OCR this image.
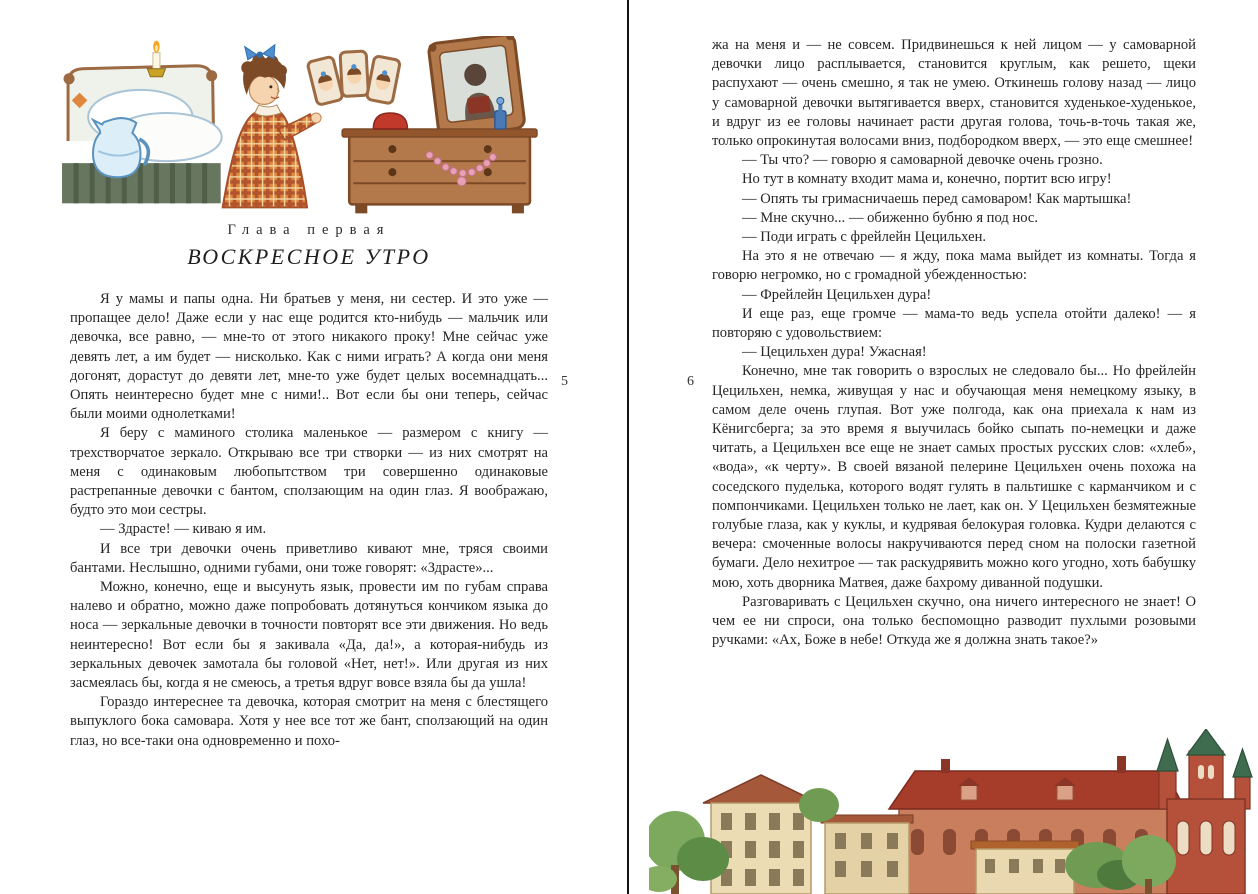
Глава первая
ВОСКРЕСНОЕ УТРО

Я у мамы и папы одна. Ни братьев у меня, ни сестер. И это уже — пропащее дело! Даже если у нас еще родится кто-нибудь — мальчик или девочка, все равно, — мне-то от этого никакого проку! Мне сейчас уже девять лет, а им будет — нисколько. Как с ними играть? А когда они меня догонят, дорастут до девяти лет, мне-то уже будет целых восемнадцать... Опять неинтересно будет мне с ними!.. Вот если бы они теперь, сейчас были моими однолетками!

Я беру с маминого столика маленькое — размером с книгу — трехстворчатое зеркало. Открываю все три створки — из них смотрят на меня с одинаковым любопытством три совершенно одинаковые растрепанные девочки с бантом, сползающим на один глаз. Я воображаю, будто это мои сестры.

— Здрасте! — киваю я им.

И все три девочки очень приветливо кивают мне, тряся своими бантами. Неслышно, одними губами, они тоже говорят: «Здрасте»...

Можно, конечно, еще и высунуть язык, провести им по губам справа налево и обратно, можно даже попробовать дотянуться кончиком языка до носа — зеркальные девочки в точности повторят все эти движения. Но ведь неинтересно! Вот если бы я закивала «Да, да!», а которая-нибудь из зеркальных девочек замотала бы головой «Нет, нет!». Или другая из них засмеялась бы, когда я не смеюсь, а третья вдруг вовсе взяла бы да ушла!

Гораздо интереснее та девочка, которая смотрит на меня с блестящего выпуклого бока самовара. Хотя у нее все тот же бант, сползающий на один глаз, но все-таки она одновременно и похо-

5

жа на меня и — не совсем. Придвинешься к ней лицом — у самоварной девочки лицо расплывается, становится круглым, как решето, щеки распухают — очень смешно, я так не умею. Откинешь голову назад — лицо у самоварной девочки вытягивается вверх, становится худенькое-худенькое, и вдруг из ее головы начинает расти другая голова, точь-в-точь такая же, только опрокинутая волосами вниз, подбородком вверх, — это еще смешнее!

— Ты что? — говорю я самоварной девочке очень грозно.

Но тут в комнату входит мама и, конечно, портит всю игру!

— Опять ты гримасничаешь перед самоваром! Как мартышка!

— Мне скучно... — обиженно бубню я под нос.

— Поди играть с фрейлейн Цецильхен.

На это я не отвечаю — я жду, пока мама выйдет из комнаты. Тогда я говорю негромко, но с громадной убежденностью:

— Фрейлейн Цецильхен дура!

И еще раз, еще громче — мама-то ведь успела отойти далеко! — я повторяю с удовольствием:

— Цецильхен дура! Ужасная!

Конечно, мне так говорить о взрослых не следовало бы... Но фрейлейн Цецильхен, немка, живущая у нас и обучающая меня немецкому языку, в самом деле очень глупая. Вот уже полгода, как она приехала к нам из Кёнигсберга; за это время я выучилась бойко сыпать по-немецки и даже читать, а Цецильхен все еще не знает самых простых русских слов: «хлеб», «вода», «к черту». В своей вязаной пелерине Цецильхен очень похожа на соседского пуделька, которого водят гулять в пальтишке с карманчиком и с помпончиками. Цецильхен только не лает, как он. У Цецильхен безмятежные голубые глаза, как у куклы, и кудрявая белокурая головка. Кудри делаются с вечера: смоченные волосы накручиваются перед сном на полоски газетной бумаги. Дело нехитрое — так раскудрявить можно кого угодно, хоть бабушку мою, хоть дворника Матвея, даже бахрому диванной подушки.

Разговаривать с Цецильхен скучно, она ничего интересного не знает! О чем ее ни спроси, она только беспомощно разводит пухлыми розовыми ручками: «Ах, Боже в небе! Откуда же я должна знать такое?»

6
